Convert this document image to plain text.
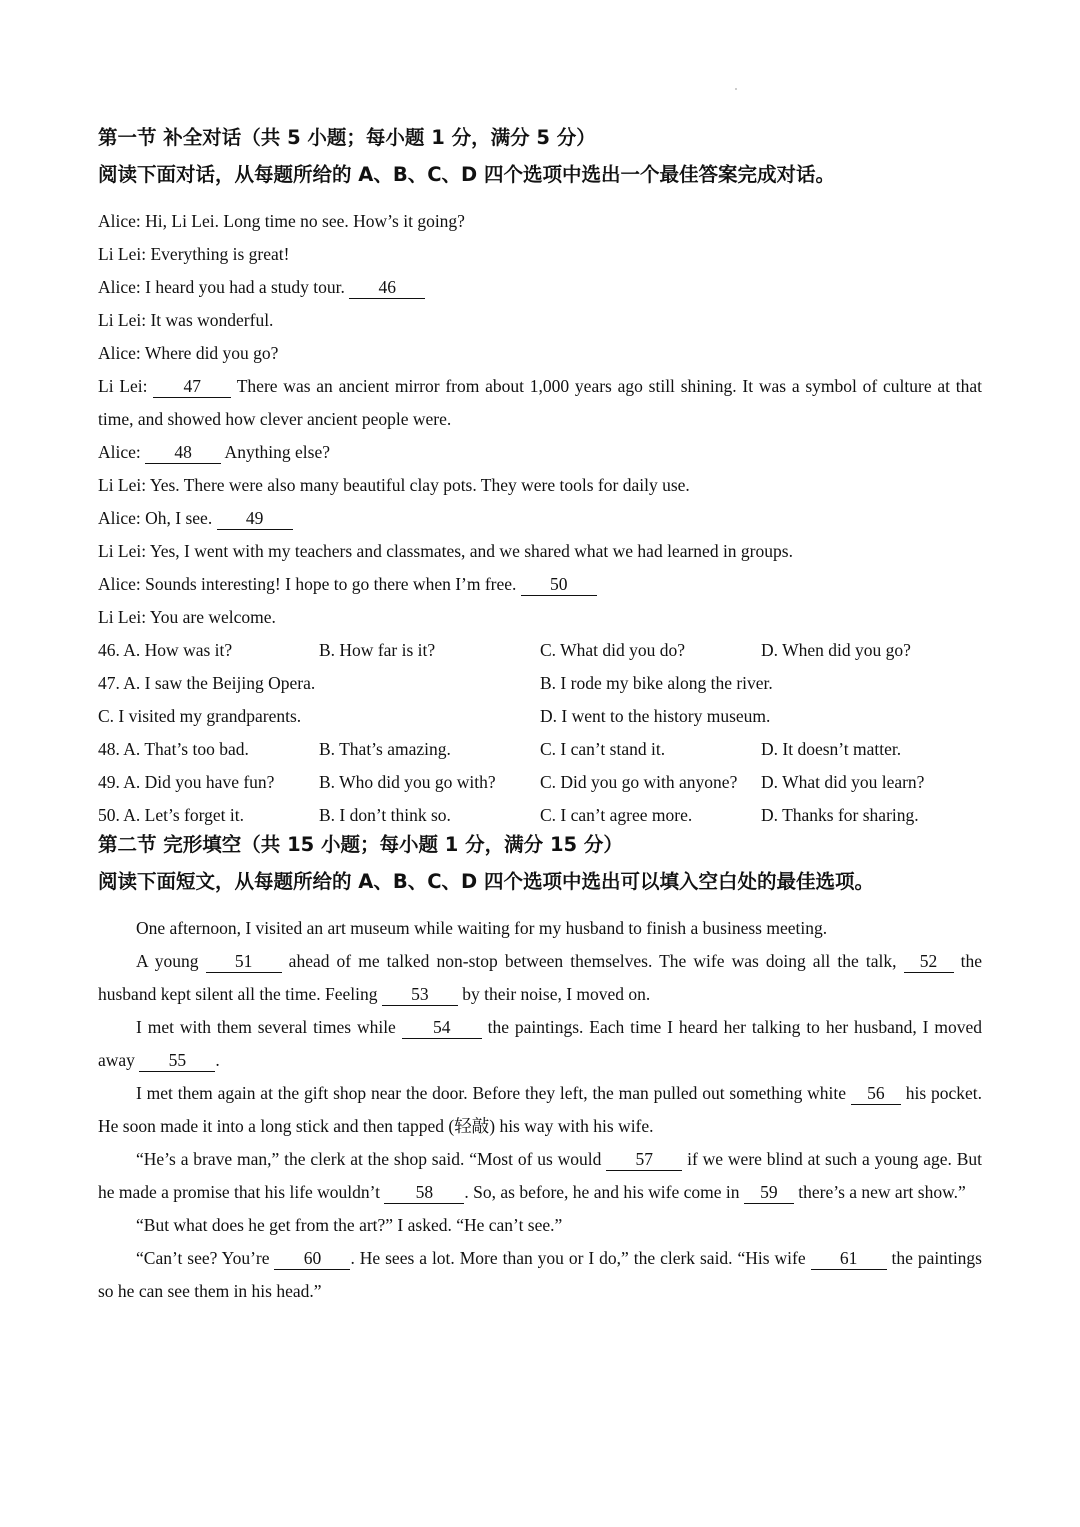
第一节 补全对话（共 5 小题；每小题 1 分，满分 5 分）
阅读下面对话，从每题所给的 A、B、C、D 四个选项中选出一个最佳答案完成对话。
Alice: Hi, Li Lei. Long time no see. How’s it going?
Li Lei: Everything is great!
Alice: I heard you had a study tour. 46
Li Lei: It was wonderful.
Alice: Where did you go?
Li Lei: 47 There was an ancient mirror from about 1,000 years ago still shining. It was a symbol of culture at that time, and showed how clever ancient people were.
Alice: 48 Anything else?
Li Lei: Yes. There were also many beautiful clay pots. They were tools for daily use.
Alice: Oh, I see. 49
Li Lei: Yes, I went with my teachers and classmates, and we shared what we had learned in groups.
Alice: Sounds interesting! I hope to go there when I’m free. 50
Li Lei: You are welcome.
46. A. How was it?	B. How far is it?	C. What did you do?	D. When did you go?
47. A. I saw the Beijing Opera.	B. I rode my bike along the river.
C. I visited my grandparents.	D. I went to the history museum.
48. A. That’s too bad.	B. That’s amazing.	C. I can’t stand it.	D. It doesn’t matter.
49. A. Did you have fun?	B. Who did you go with?	C. Did you go with anyone?	D. What did you learn?
50. A. Let’s forget it.	B. I don’t think so.	C. I can’t agree more.	D. Thanks for sharing.
第二节 完形填空（共 15 小题；每小题 1 分，满分 15 分）
阅读下面短文，从每题所给的 A、B、C、D 四个选项中选出可以填入空白处的最佳选项。
One afternoon, I visited an art museum while waiting for my husband to finish a business meeting.
A young 51 ahead of me talked non-stop between themselves. The wife was doing all the talk, 52 the husband kept silent all the time. Feeling 53 by their noise, I moved on.
I met with them several times while 54 the paintings. Each time I heard her talking to her husband, I moved away 55 .
I met them again at the gift shop near the door. Before they left, the man pulled out something white 56 his pocket. He soon made it into a long stick and then tapped (轻敲) his way with his wife.
“He’s a brave man,” the clerk at the shop said. “Most of us would 57 if we were blind at such a young age. But he made a promise that his life wouldn’t 58 . So, as before, he and his wife come in 59 there’s a new art show.”
“But what does he get from the art?” I asked. “He can’t see.”
“Can’t see? You’re 60 . He sees a lot. More than you or I do,” the clerk said. “His wife 61 the paintings so he can see them in his head.”
